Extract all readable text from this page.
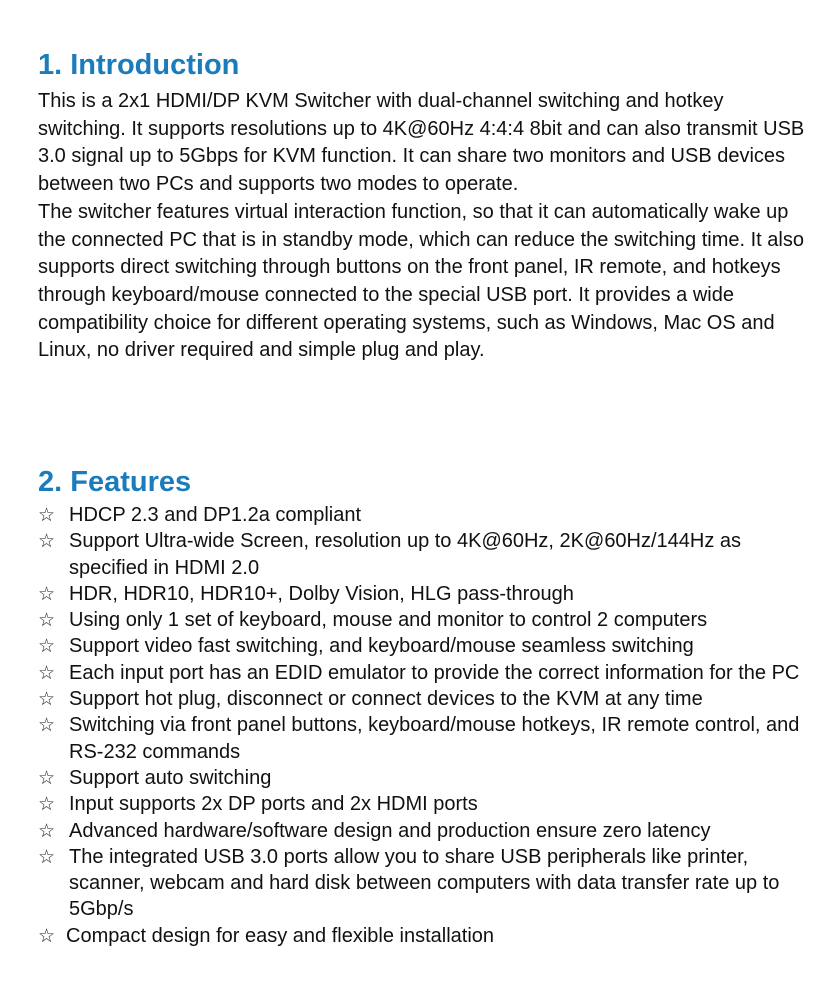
1. Introduction

This is a 2x1 HDMI/DP KVM Switcher with dual-channel switching and hotkey switching. It supports resolutions up to 4K@60Hz 4:4:4 8bit and can also transmit USB 3.0 signal up to 5Gbps for KVM function. It can share two monitors and USB devices between two PCs and supports two modes to operate.

The switcher features virtual interaction function, so that it can automatically wake up the connected PC that is in standby mode, which can reduce the switching time. It also supports direct switching through buttons on the front panel, IR remote, and hotkeys through keyboard/mouse connected to the special USB port. It provides a wide compatibility choice for different operating systems, such as Windows, Mac OS and Linux, no driver required and simple plug and play.

2. Features
☆ HDCP 2.3 and DP1.2a compliant
☆ Support Ultra-wide Screen, resolution up to 4K@60Hz, 2K@60Hz/144Hz as specified in HDMI 2.0
☆ HDR, HDR10, HDR10+, Dolby Vision, HLG pass-through
☆ Using only 1 set of keyboard, mouse and monitor to control 2 computers
☆ Support video fast switching, and keyboard/mouse seamless switching
☆ Each input port has an EDID emulator to provide the correct information for the PC
☆ Support hot plug, disconnect or connect devices to the KVM at any time
☆ Switching via front panel buttons, keyboard/mouse hotkeys, IR remote control, and RS-232 commands
☆ Support auto switching
☆ Input supports 2x DP ports and 2x HDMI ports
☆ Advanced hardware/software design and production ensure zero latency
☆ The integrated USB 3.0 ports allow you to share USB peripherals like printer, scanner, webcam and hard disk between computers with data transfer rate up to 5Gbp/s
☆ Compact design for easy and flexible installation
